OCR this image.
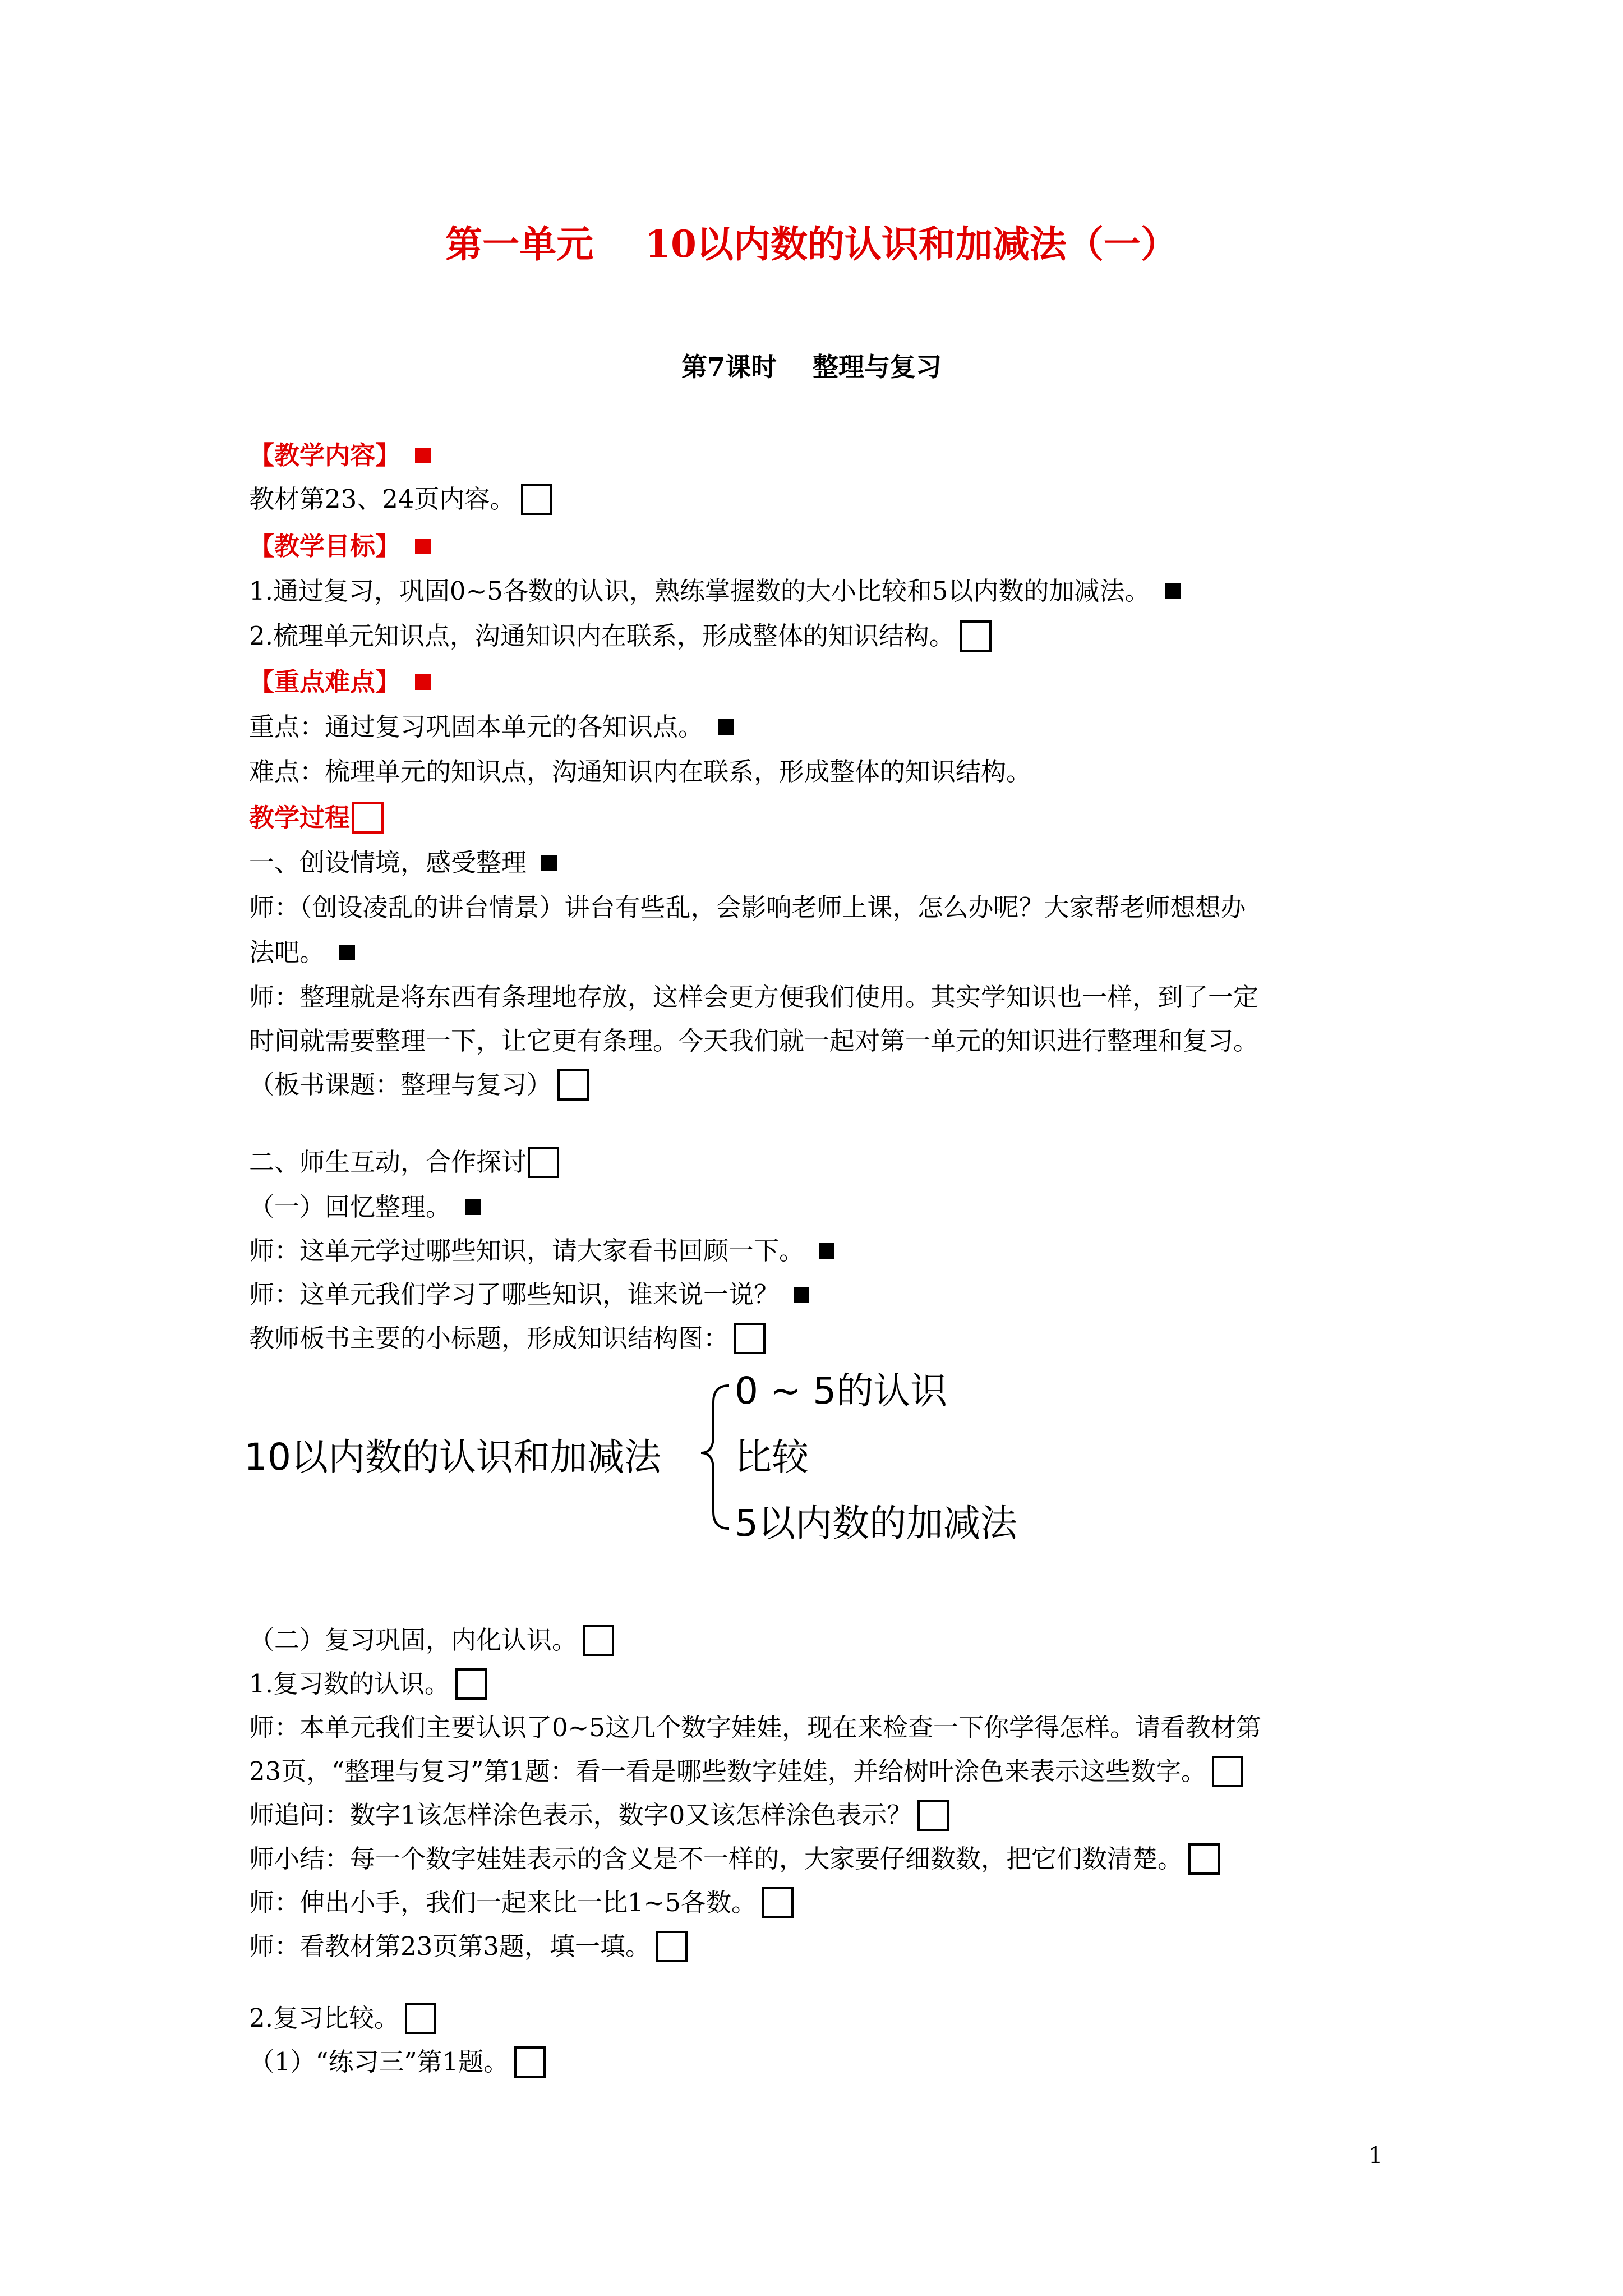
第一单元    10以内数的认识和加减法（一）
第7课时    整理与复习
【教学内容】
教材第23、24页内容。
【教学目标】
1.通过复习，巩固0~5各数的认识，熟练掌握数的大小比较和5以内数的加减法。
2.梳理单元知识点，沟通知识内在联系，形成整体的知识结构。
【重点难点】
重点：通过复习巩固本单元的各知识点。
难点：梳理单元的知识点，沟通知识内在联系，形成整体的知识结构。
教学过程
一、创设情境，感受整理
师：（创设凌乱的讲台情景）讲台有些乱，会影响老师上课，怎么办呢？大家帮老师想想办
法吧。
师：整理就是将东西有条理地存放，这样会更方便我们使用。其实学知识也一样，到了一定
时间就需要整理一下，让它更有条理。今天我们就一起对第一单元的知识进行整理和复习。
（板书课题：整理与复习）
二、师生互动，合作探讨
（一）回忆整理。
师：这单元学过哪些知识，请大家看书回顾一下。
师：这单元我们学习了哪些知识，谁来说一说？
教师板书主要的小标题，形成知识结构图：
10以内数的认识和加减法
0 ~ 5的认识
比较
5以内数的加减法
（二）复习巩固，内化认识。
1.复习数的认识。
师：本单元我们主要认识了0~5这几个数字娃娃，现在来检查一下你学得怎样。请看教材第
23页，“整理与复习”第1题：看一看是哪些数字娃娃，并给树叶涂色来表示这些数字。
师追问：数字1该怎样涂色表示，数字0又该怎样涂色表示？
师小结：每一个数字娃娃表示的含义是不一样的，大家要仔细数数，把它们数清楚。
师：伸出小手，我们一起来比一比1~5各数。
师：看教材第23页第3题，填一填。
2.复习比较。
（1）“练习三”第1题。
1
